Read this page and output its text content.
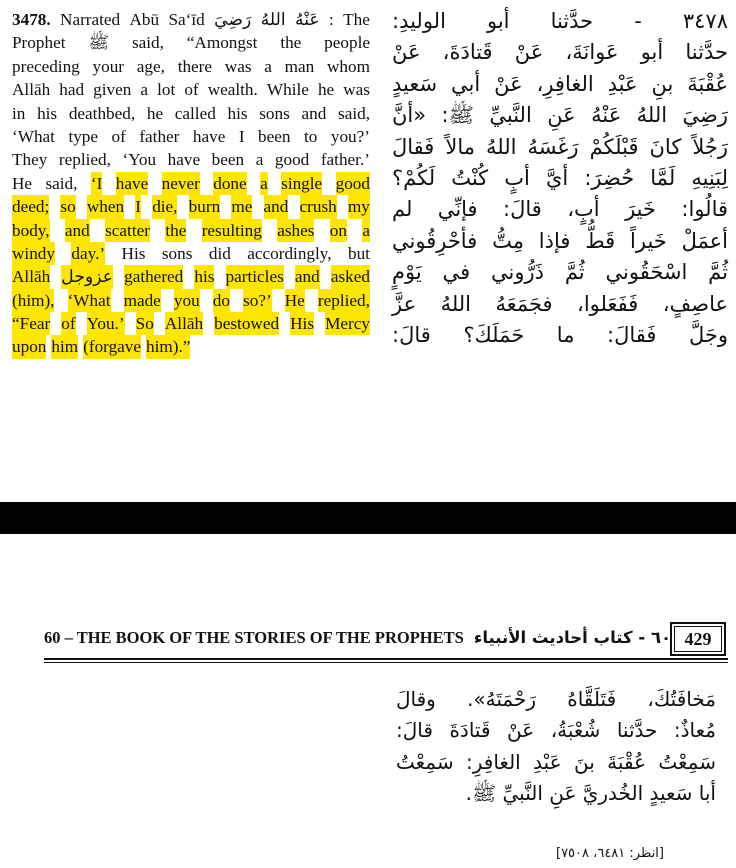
3478. Narrated Abū Sa‘īd رَضِيَ اللهُ عَنْهُ : The
Prophet ﷺ said, “Amongst the people
preceding your age, there was a man whom
Allāh had given a lot of wealth. While he was
in his deathbed, he called his sons and said,
‘What type of father have I been to you?’
They replied, ‘You have been a good father.’
He said, ‘I have never done a single good
deed; so when I die, burn me and crush my
body, and scatter the resulting ashes on a
windy day.’ His sons did accordingly, but
Allāh عزوجل gathered his particles and asked
(him), ‘What made you do so?’ He replied,
“Fear of You.’ So Allāh bestowed His Mercy
upon him (forgave him).”
٣٤٧٨ - حدَّثنا أبو الوليدِ:
حدَّثنا أبو عَوانَةَ، عَنْ قَتادَةَ، عَنْ
عُقْبَةَ بنِ عَبْدِ الغافِرِ، عَنْ أبي سَعيدٍ
رَضِيَ اللهُ عَنْهُ عَنِ النَّبيِّ ﷺ: «أنَّ
رَجُلاً كانَ قَبْلَكُمْ رَغَسَهُ اللهُ مالاً فَقالَ
لِبَنِيهِ لَمَّا حُضِرَ: أيَّ أبٍ كُنْتُ لَكُمْ؟
قالُوا: خَيرَ أبٍ، قالَ: فإنِّي لم
أعمَلْ خَيراً قَطُّ فإذا مِتُّ فأحْرِقُوني
ثُمَّ اسْحَقُوني ثُمَّ ذَرُّوني في يَوْمٍ
عاصِفٍ، فَفَعَلوا، فجَمَعَهُ اللهُ عزَّ
وجَلَّ فَقالَ: ما حَمَلَكَ؟ قالَ:
60 – THE BOOK OF THE STORIES OF THE PROPHETS ٦٠ - كتاب أحاديث الأنبياء 429
مَخافَتُكَ، فَتَلَقَّاهُ رَحْمَتَهُ». وقالَ
مُعاذٌ: حدَّثنا شُعْبَةُ، عَنْ قَتادَةَ قالَ:
سَمِعْتُ عُقْبَةَ بنَ عَبْدِ الغافِرِ: سَمِعْتُ
أبا سَعيدٍ الخُدريَّ عَنِ النَّبيِّ ﷺ.
[انظر: ٦٤٨١، ٧٥٠٨]
